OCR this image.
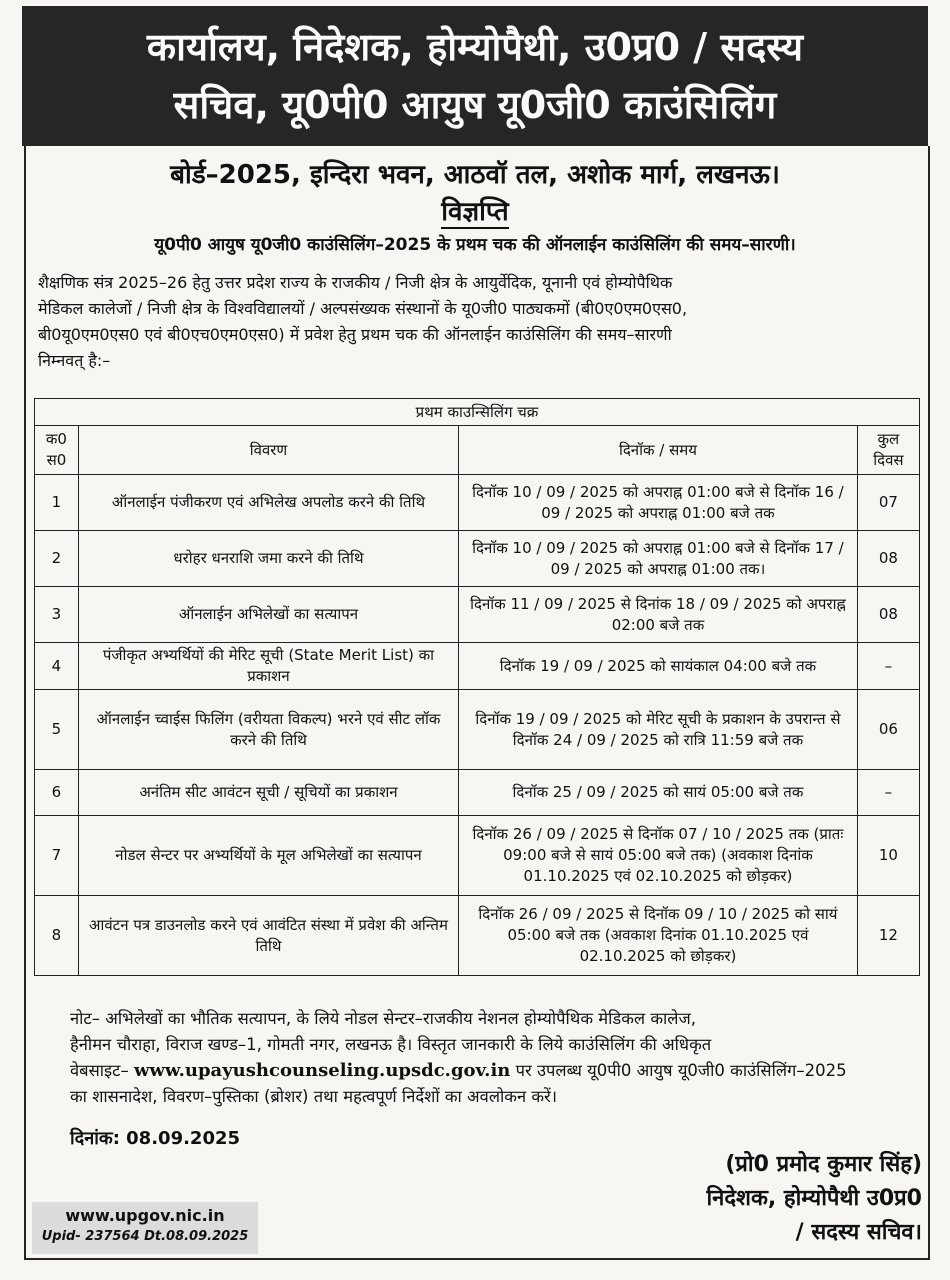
कार्यालय, निदेशक, होम्योपैथी, उ0प्र0 / सदस्य
सचिव, यू0पी0 आयुष यू0जी0 काउंसिलिंग
बोर्ड–2025, इन्दिरा भवन, आठवॉ तल, अशोक मार्ग, लखनऊ।
विज्ञप्ति
यू0पी0 आयुष यू0जी0 काउंसिलिंग–2025 के प्रथम चक की ऑनलाईन काउंसिलिंग की समय–सारणी।
शैक्षणिक संत्र 2025–26 हेतु उत्तर प्रदेश राज्य के राजकीय / निजी क्षेत्र के आयुर्वेदिक, यूनानी एवं होम्योपैथिक
मेडिकल कालेजों / निजी क्षेत्र के विश्वविद्यालयों / अल्पसंख्यक संस्थानों के यू0जी0 पाठ्यकमों (बी0ए0एम0एस0,
बी0यू0एम0एस0 एवं बी0एच0एम0एस0) में प्रवेश हेतु प्रथम चक की ऑनलाईन काउंसिलिंग की समय–सारणी
निम्नवत् है:–
प्रथम काउन्सिलिंग चक्र			
क0 स0	विवरण	दिनॉक / समय	कुल दिवस
1	ऑनलाईन पंजीकरण एवं अभिलेख अपलोड करने की तिथि	दिनॉक 10 / 09 / 2025 को अपराह्न 01:00 बजे से दिनॉक 16 / 09 / 2025 को अपराह्न 01:00 बजे तक	07
2	धरोहर धनराशि जमा करने की तिथि	दिनॉक 10 / 09 / 2025 को अपराह्न 01:00 बजे से दिनॉक 17 / 09 / 2025 को अपराह्न 01:00 तक।	08
3	ऑनलाईन अभिलेखों का सत्यापन	दिनॉक 11 / 09 / 2025 से दिनांक 18 / 09 / 2025 को अपराह्न 02:00 बजे तक	08
4	पंजीकृत अभ्यर्थियों की मेरिट सूची (State Merit List) का प्रकाशन	दिनॉक 19 / 09 / 2025 को सायंकाल 04:00 बजे तक	–
5	ऑनलाईन च्वाईस फिलिंग (वरीयता विकल्प) भरने एवं सीट लॉक करने की तिथि	दिनॉक 19 / 09 / 2025 को मेरिट सूची के प्रकाशन के उपरान्त से दिनॉक 24 / 09 / 2025 को रात्रि 11:59 बजे तक	06
6	अनंतिम सीट आवंटन सूची / सूचियों का प्रकाशन	दिनॉक 25 / 09 / 2025 को सायं 05:00 बजे तक	–
7	नोडल सेन्टर पर अभ्यर्थियों के मूल अभिलेखों का सत्यापन	दिनॉक 26 / 09 / 2025 से दिनॉक 07 / 10 / 2025 तक (प्रातः 09:00 बजे से सायं 05:00 बजे तक) (अवकाश दिनांक 01.10.2025 एवं 02.10.2025 को छोड़कर)	10
8	आवंटन पत्र डाउनलोड करने एवं आवंटित संस्था में प्रवेश की अन्तिम तिथि	दिनॉक 26 / 09 / 2025 से दिनॉक 09 / 10 / 2025 को सायं 05:00 बजे तक (अवकाश दिनांक 01.10.2025 एवं 02.10.2025 को छोड़कर)	12
नोट– अभिलेखों का भौतिक सत्यापन, के लिये नोडल सेन्टर–राजकीय नेशनल होम्योपैथिक मेडिकल कालेज,
हैनीमन चौराहा, विराज खण्ड–1, गोमती नगर, लखनऊ है। विस्तृत जानकारी के लिये काउंसिलिंग की अधिकृत
वेबसाइट– www.upayushcounseling.upsdc.gov.in पर उपलब्ध यू0पी0 आयुष यू0जी0 काउंसिलिंग–2025
का शासनादेश, विवरण–पुस्तिका (ब्रोशर) तथा महत्वपूर्ण निर्देशों का अवलोकन करें।
दिनांक: 08.09.2025
(प्रो0 प्रमोद कुमार सिंह)
निदेशक, होम्योपैथी उ0प्र0
/ सदस्य सचिव।
www.upgov.nic.in
Upid- 237564 Dt.08.09.2025
